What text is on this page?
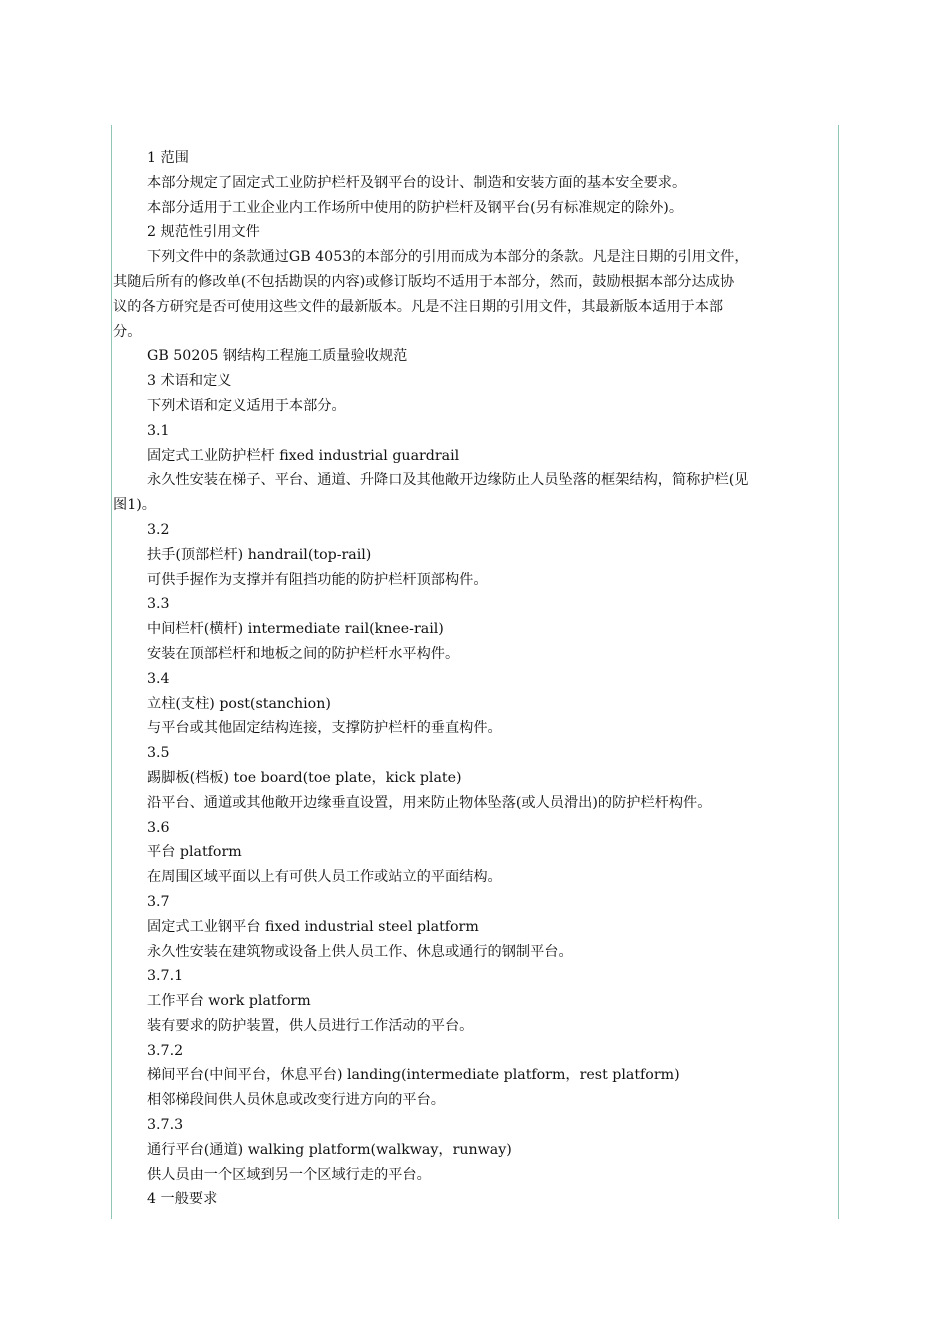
1 范围
本部分规定了固定式工业防护栏杆及钢平台的设计、制造和安装方面的基本安全要求。
本部分适用于工业企业内工作场所中使用的防护栏杆及钢平台(另有标准规定的除外)。
2 规范性引用文件
下列文件中的条款通过GB 4053的本部分的引用而成为本部分的条款。凡是注日期的引用文件，
其随后所有的修改单(不包括勘误的内容)或修订版均不适用于本部分，然而，鼓励根据本部分达成协
议的各方研究是否可使用这些文件的最新版本。凡是不注日期的引用文件，其最新版本适用于本部
分。
GB 50205 钢结构工程施工质量验收规范
3 术语和定义
下列术语和定义适用于本部分。
3.1
固定式工业防护栏杆 fixed industrial guardrail
永久性安装在梯子、平台、通道、升降口及其他敞开边缘防止人员坠落的框架结构，简称护栏(见
图1)。
3.2
扶手(顶部栏杆) handrail(top-rail)
可供手握作为支撑并有阻挡功能的防护栏杆顶部构件。
3.3
中间栏杆(横杆) intermediate rail(knee-rail)
安装在顶部栏杆和地板之间的防护栏杆水平构件。
3.4
立柱(支柱) post(stanchion)
与平台或其他固定结构连接，支撑防护栏杆的垂直构件。
3.5
踢脚板(档板) toe board(toe plate，kick plate)
沿平台、通道或其他敞开边缘垂直设置，用来防止物体坠落(或人员滑出)的防护栏杆构件。
3.6
平台 platform
在周围区域平面以上有可供人员工作或站立的平面结构。
3.7
固定式工业钢平台 fixed industrial steel platform
永久性安装在建筑物或设备上供人员工作、休息或通行的钢制平台。
3.7.1
工作平台 work platform
装有要求的防护装置，供人员进行工作活动的平台。
3.7.2
梯间平台(中间平台，休息平台) landing(intermediate platform，rest platform)
相邻梯段间供人员休息或改变行进方向的平台。
3.7.3
通行平台(通道) walking platform(walkway，runway)
供人员由一个区域到另一个区域行走的平台。
4 一般要求
